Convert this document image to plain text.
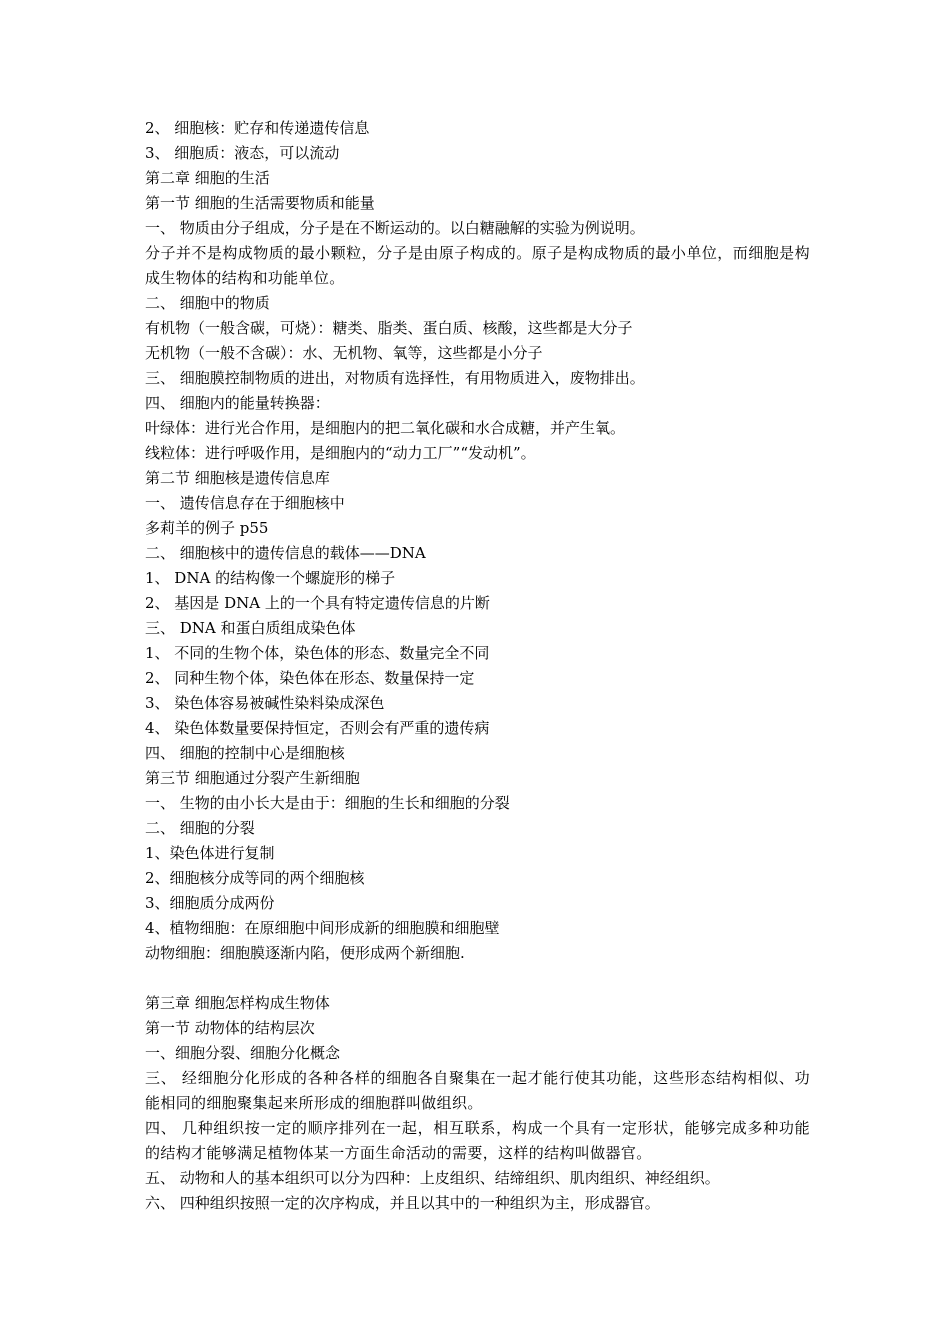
2、 细胞核：贮存和传递遗传信息

3、 细胞质：液态，可以流动

第二章 细胞的生活

第一节 细胞的生活需要物质和能量

一、 物质由分子组成，分子是在不断运动的。以白糖融解的实验为例说明。

分子并不是构成物质的最小颗粒，分子是由原子构成的。原子是构成物质的最小单位，而细胞是构成生物体的结构和功能单位。

二、 细胞中的物质

有机物（一般含碳，可烧）：糖类、脂类、蛋白质、核酸，这些都是大分子

无机物（一般不含碳）：水、无机物、氧等，这些都是小分子

三、 细胞膜控制物质的进出，对物质有选择性，有用物质进入，废物排出。

四、 细胞内的能量转换器：

叶绿体：进行光合作用，是细胞内的把二氧化碳和水合成糖，并产生氧。

线粒体：进行呼吸作用，是细胞内的“动力工厂”“发动机”。

第二节 细胞核是遗传信息库

一、 遗传信息存在于细胞核中

多莉羊的例子 p55

二、 细胞核中的遗传信息的载体——DNA

1、 DNA 的结构像一个螺旋形的梯子

2、 基因是 DNA 上的一个具有特定遗传信息的片断

三、 DNA 和蛋白质组成染色体

1、 不同的生物个体，染色体的形态、数量完全不同

2、 同种生物个体，染色体在形态、数量保持一定

3、 染色体容易被碱性染料染成深色

4、 染色体数量要保持恒定，否则会有严重的遗传病

四、 细胞的控制中心是细胞核

第三节 细胞通过分裂产生新细胞

一、 生物的由小长大是由于：细胞的生长和细胞的分裂

二、 细胞的分裂

1、染色体进行复制

2、细胞核分成等同的两个细胞核

3、细胞质分成两份

4、植物细胞：在原细胞中间形成新的细胞膜和细胞壁

动物细胞：细胞膜逐渐内陷，便形成两个新细胞.

第三章 细胞怎样构成生物体

第一节 动物体的结构层次

一、细胞分裂、细胞分化概念

三、 经细胞分化形成的各种各样的细胞各自聚集在一起才能行使其功能，这些形态结构相似、功能相同的细胞聚集起来所形成的细胞群叫做组织。

四、 几种组织按一定的顺序排列在一起，相互联系，构成一个具有一定形状，能够完成多种功能的结构才能够满足植物体某一方面生命活动的需要，这样的结构叫做器官。

五、 动物和人的基本组织可以分为四种：上皮组织、结缔组织、肌肉组织、神经组织。

六、 四种组织按照一定的次序构成，并且以其中的一种组织为主，形成器官。
